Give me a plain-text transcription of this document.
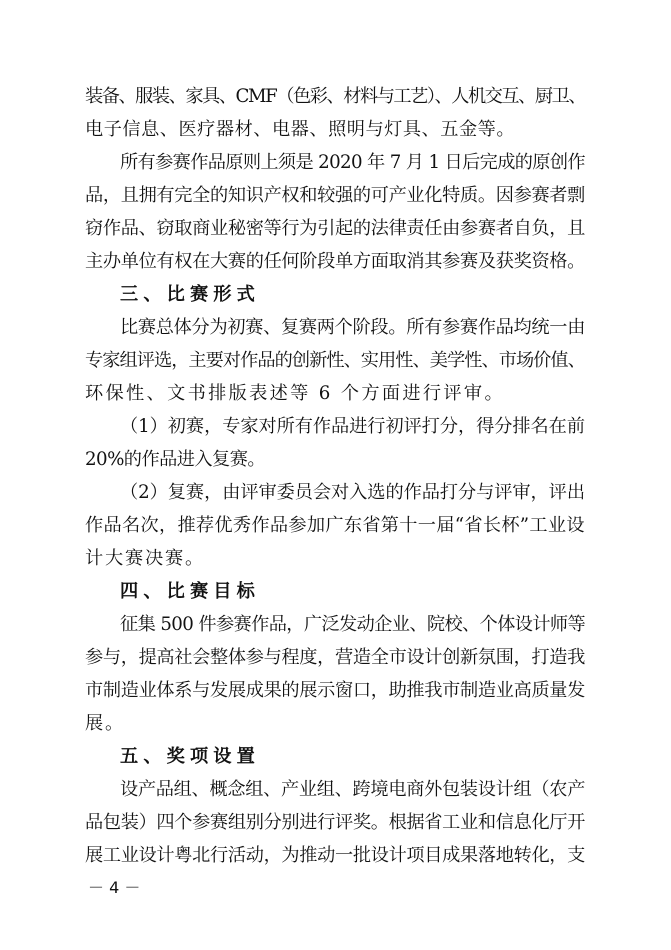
装备、服装、家具、CMF（色彩、材料与工艺）、人机交互、厨卫、
电子信息、医疗器材、电器、照明与灯具、五金等。
所有参赛作品原则上须是 2020 年 7 月 1 日后完成的原创作
品，且拥有完全的知识产权和较强的可产业化特质。因参赛者剽
窃作品、窃取商业秘密等行为引起的法律责任由参赛者自负，且
主办单位有权在大赛的任何阶段单方面取消其参赛及获奖资格。
三、比赛形式
比赛总体分为初赛、复赛两个阶段。所有参赛作品均统一由
专家组评选，主要对作品的创新性、实用性、美学性、市场价值、
环保性、文书排版表述等 6 个方面进行评审。
（1）初赛，专家对所有作品进行初评打分，得分排名在前
20%的作品进入复赛。
（2）复赛，由评审委员会对入选的作品打分与评审，评出
作品名次，推荐优秀作品参加广东省第十一届“省长杯”工业设
计大赛决赛。
四、比赛目标
征集 500 件参赛作品，广泛发动企业、院校、个体设计师等
参与，提高社会整体参与程度，营造全市设计创新氛围，打造我
市制造业体系与发展成果的展示窗口，助推我市制造业高质量发
展。
五、奖项设置
设产品组、概念组、产业组、跨境电商外包装设计组（农产
品包装）四个参赛组别分别进行评奖。根据省工业和信息化厅开
展工业设计粤北行活动，为推动一批设计项目成果落地转化，支
－ 4 －
